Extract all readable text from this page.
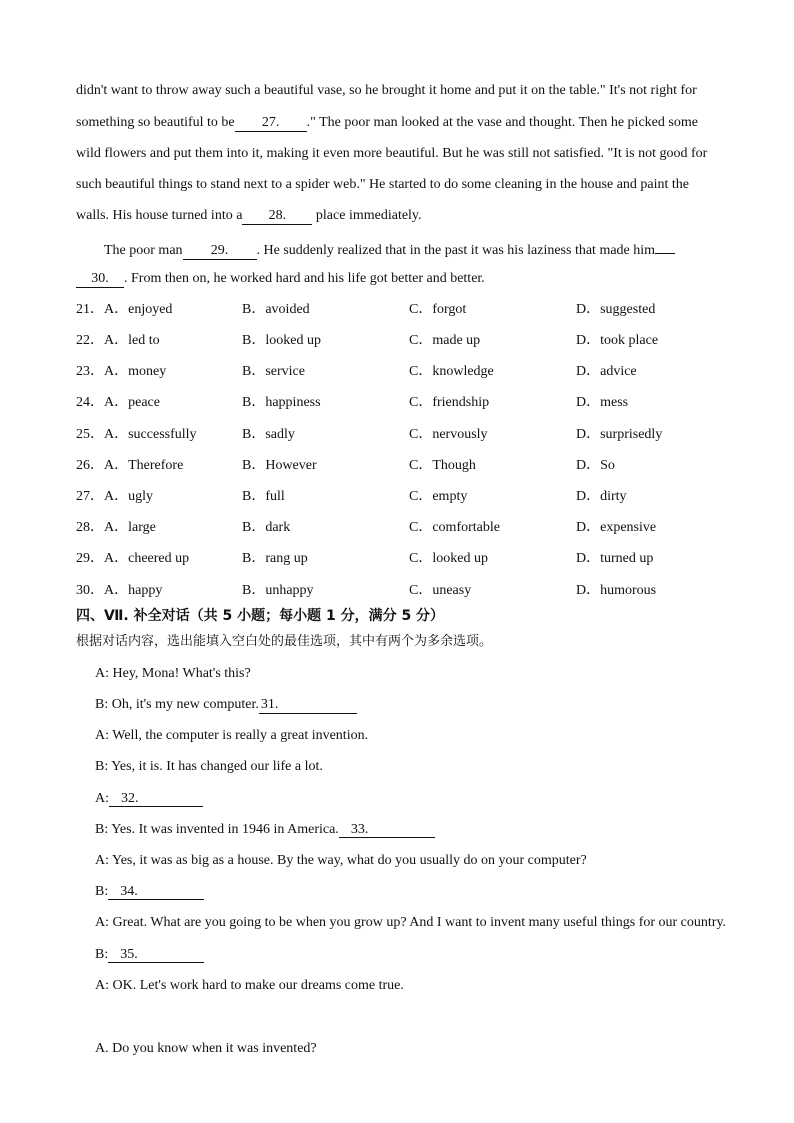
didn't want to throw away such a beautiful vase, so he brought it home and put it on the table." It's not right for
something so beautiful to be 27. ." The poor man looked at the vase and thought. Then he picked some
wild flowers and put them into it, making it even more beautiful. But he was still not satisfied. "It is not good for
such beautiful things to stand next to a spider web." He started to do some cleaning in the house and paint the
walls. His house turned into a 28. place immediately.
The poor man 29. . He suddenly realized that in the past it was his laziness that made him
30. . From then on, he worked hard and his life got better and better.
21．A．enjoyed	B．avoided	C．forgot	D．suggested
22．A．led to	B．looked up	C．made up	D．took place
23．A．money	B．service	C．knowledge	D．advice
24．A．peace	B．happiness	C．friendship	D．mess
25．A．successfully	B．sadly	C．nervously	D．surprisedly
26．A．Therefore	B．However	C．Though	D．So
27．A．ugly	B．full	C．empty	D．dirty
28．A．large	B．dark	C．comfortable	D．expensive
29．A．cheered up	B．rang up	C．looked up	D．turned up
30．A．happy	B．unhappy	C．uneasy	D．humorous
四、Ⅶ. 补全对话（共 5 小题；每小题 1 分，满分 5 分）
根据对话内容，选出能填入空白处的最佳选项，其中有两个为多余选项。
A: Hey, Mona! What's this?
B: Oh, it's my new computer. 31.
A: Well, the computer is really a great invention.
B: Yes, it is. It has changed our life a lot.
A: 32.
B: Yes. It was invented in 1946 in America. 33.
A: Yes, it was as big as a house. By the way, what do you usually do on your computer?
B: 34.
A: Great. What are you going to be when you grow up? And I want to invent many useful things for our country.
B: 35.
A: OK. Let's work hard to make our dreams come true.
A. Do you know when it was invented?
